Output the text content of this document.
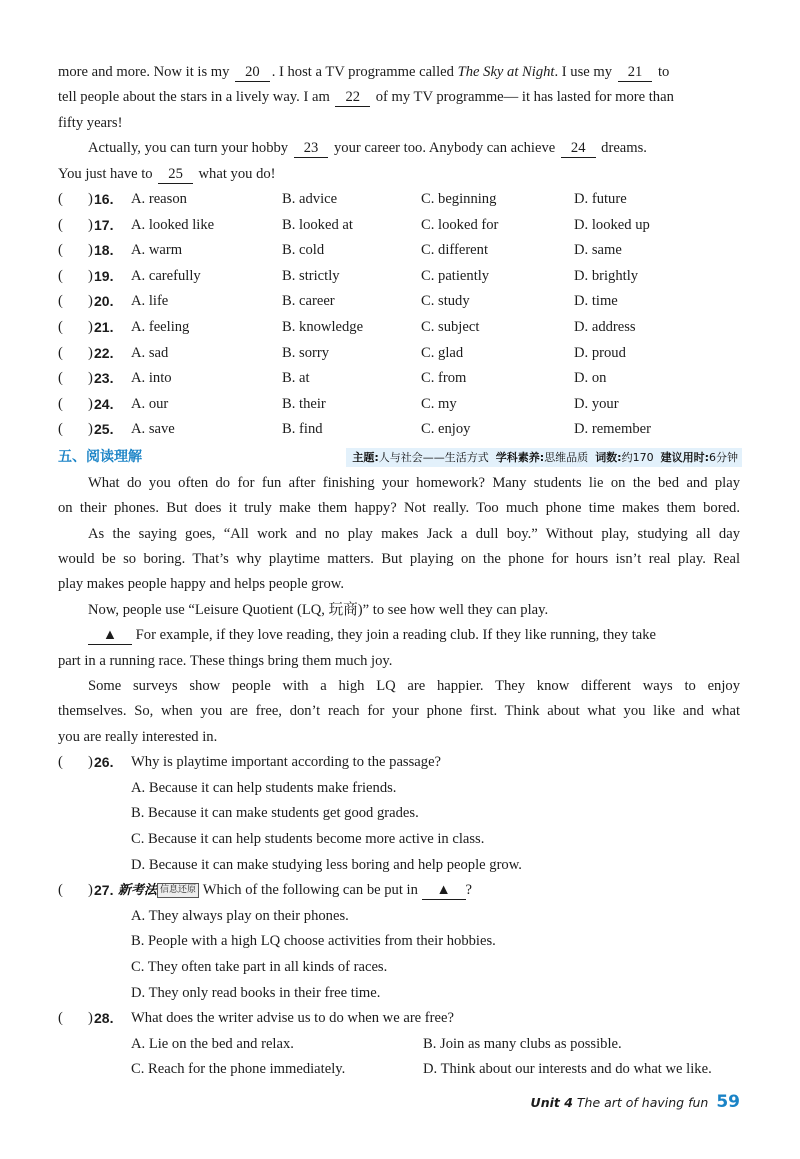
more and more. Now it is my 20 . I host a TV programme called The Sky at Night. I use my 21 to
tell people about the stars in a lively way. I am 22 of my TV programme— it has lasted for more than
fifty years!
Actually, you can turn your hobby 23 your career too. Anybody can achieve 24 dreams.
You just have to 25 what you do!
( ) 16. A. reason	B. advice	C. beginning	D. future
( ) 17. A. looked like	B. looked at	C. looked for	D. looked up
( ) 18. A. warm	B. cold	C. different	D. same
( ) 19. A. carefully	B. strictly	C. patiently	D. brightly
( ) 20. A. life	B. career	C. study	D. time
( ) 21. A. feeling	B. knowledge	C. subject	D. address
( ) 22. A. sad	B. sorry	C. glad	D. proud
( ) 23. A. into	B. at	C. from	D. on
( ) 24. A. our	B. their	C. my	D. your
( ) 25. A. save	B. find	C. enjoy	D. remember
五、阅读理解	主题:人与社会——生活方式 学科素养:思维品质 词数:约170 建议用时:6分钟
What do you often do for fun after finishing your homework? Many students lie on the bed and play
on their phones. But does it truly make them happy? Not really. Too much phone time makes them bored.
As the saying goes, “All work and no play makes Jack a dull boy.” Without play, studying all day
would be so boring. That’s why playtime matters. But playing on the phone for hours isn’t real play. Real
play makes people happy and helps people grow.
Now, people use “Leisure Quotient (LQ, 玩商)” to see how well they can play.
▲ For example, if they love reading, they join a reading club. If they like running, they take
part in a running race. These things bring them much joy.
Some surveys show people with a high LQ are happier. They know different ways to enjoy
themselves. So, when you are free, don’t reach for your phone first. Think about what you like and what
you are really interested in.
( ) 26. Why is playtime important according to the passage?
A. Because it can help students make friends.
B. Because it can make students get good grades.
C. Because it can help students become more active in class.
D. Because it can make studying less boring and help people grow.
( ) 27. 新考法 信息还原 Which of the following can be put in ▲ ?
A. They always play on their phones.
B. People with a high LQ choose activities from their hobbies.
C. They often take part in all kinds of races.
D. They only read books in their free time.
( ) 28. What does the writer advise us to do when we are free?
A. Lie on the bed and relax.	B. Join as many clubs as possible.
C. Reach for the phone immediately.	D. Think about our interests and do what we like.
Unit 4 The art of having fun 59
